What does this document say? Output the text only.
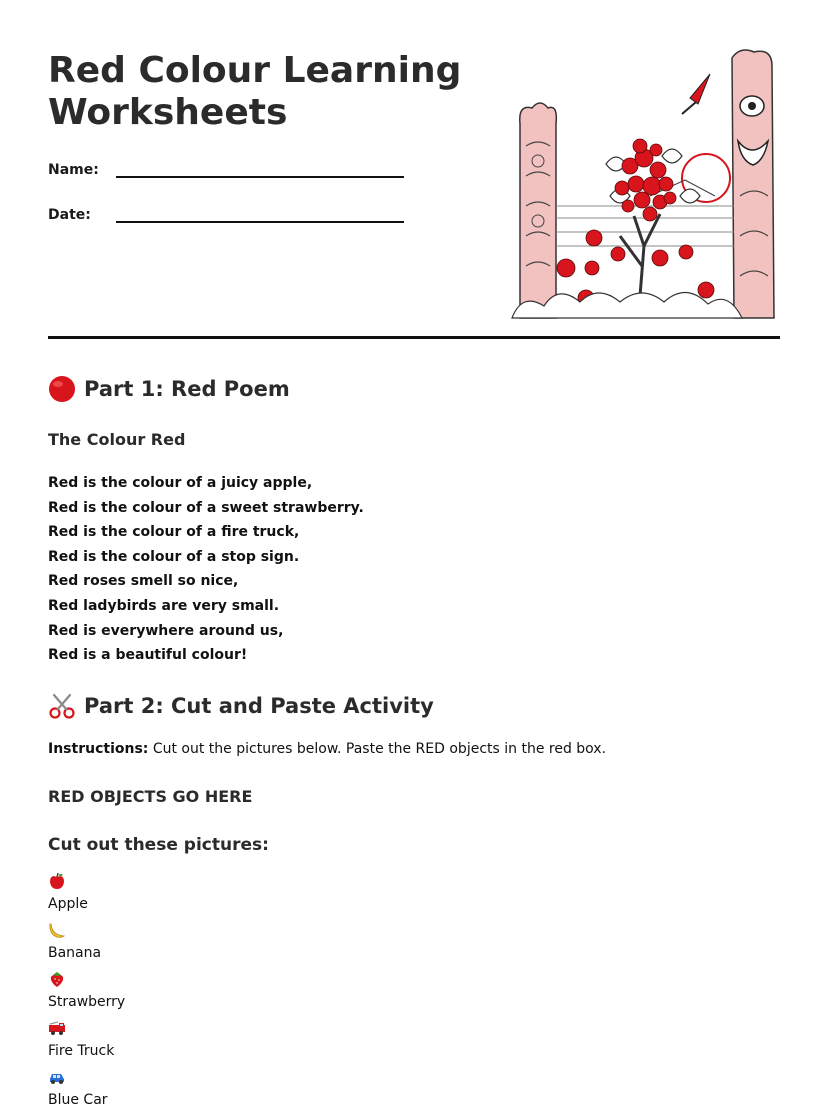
Red Colour Learning Worksheets
Name:
Date:
Part 1: Red Poem
The Colour Red
Red is the colour of a juicy apple,
Red is the colour of a sweet strawberry.
Red is the colour of a fire truck,
Red is the colour of a stop sign.
Red roses smell so nice,
Red ladybirds are very small.
Red is everywhere around us,
Red is a beautiful colour!
Part 2: Cut and Paste Activity
Instructions: Cut out the pictures below. Paste the RED objects in the red box.
RED OBJECTS GO HERE
Cut out these pictures:
Apple
Banana
Strawberry
Fire Truck
Blue Car
